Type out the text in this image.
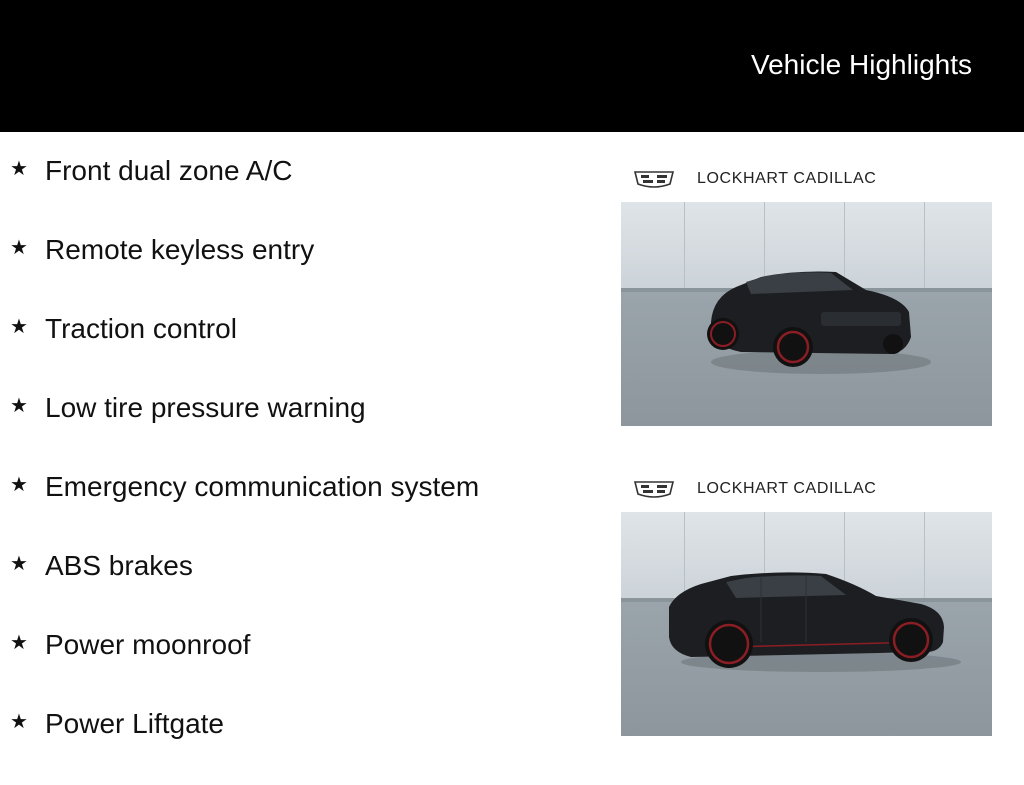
Vehicle Highlights
★ Front dual zone A/C
★ Remote keyless entry
★ Traction control
★ Low tire pressure warning
★ Emergency communication system
★ ABS brakes
★ Power moonroof
★ Power Liftgate
LOCKHART CADILLAC
LOCKHART CADILLAC
